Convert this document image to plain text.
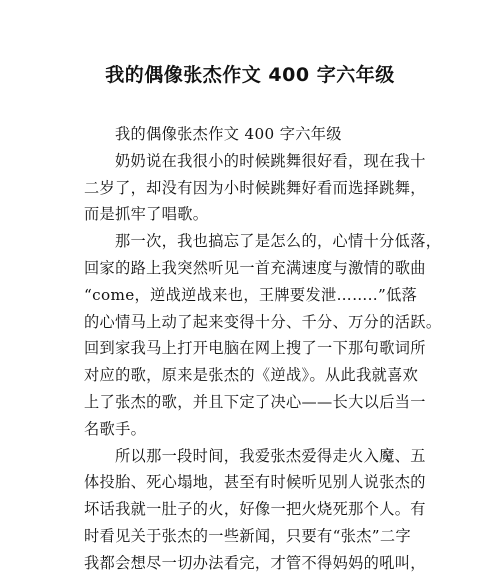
我的偶像张杰作文 400 字六年级
我的偶像张杰作文 400 字六年级
奶奶说在我很小的时候跳舞很好看，现在我十
二岁了，却没有因为小时候跳舞好看而选择跳舞，
而是抓牢了唱歌。
那一次，我也搞忘了是怎么的，心情十分低落，
回家的路上我突然听见一首充满速度与激情的歌曲
“come，逆战逆战来也，王牌要发泄……..”低落
的心情马上动了起来变得十分、千分、万分的活跃。
回到家我马上打开电脑在网上搜了一下那句歌词所
对应的歌，原来是张杰的《逆战》。从此我就喜欢
上了张杰的歌，并且下定了决心——长大以后当一
名歌手。
所以那一段时间，我爱张杰爱得走火入魔、五
体投胎、死心塌地，甚至有时候听见别人说张杰的
坏话我就一肚子的火，好像一把火烧死那个人。有
时看见关于张杰的一些新闻，只要有“张杰”二字
我都会想尽一切办法看完，才管不得妈妈的吼叫，
